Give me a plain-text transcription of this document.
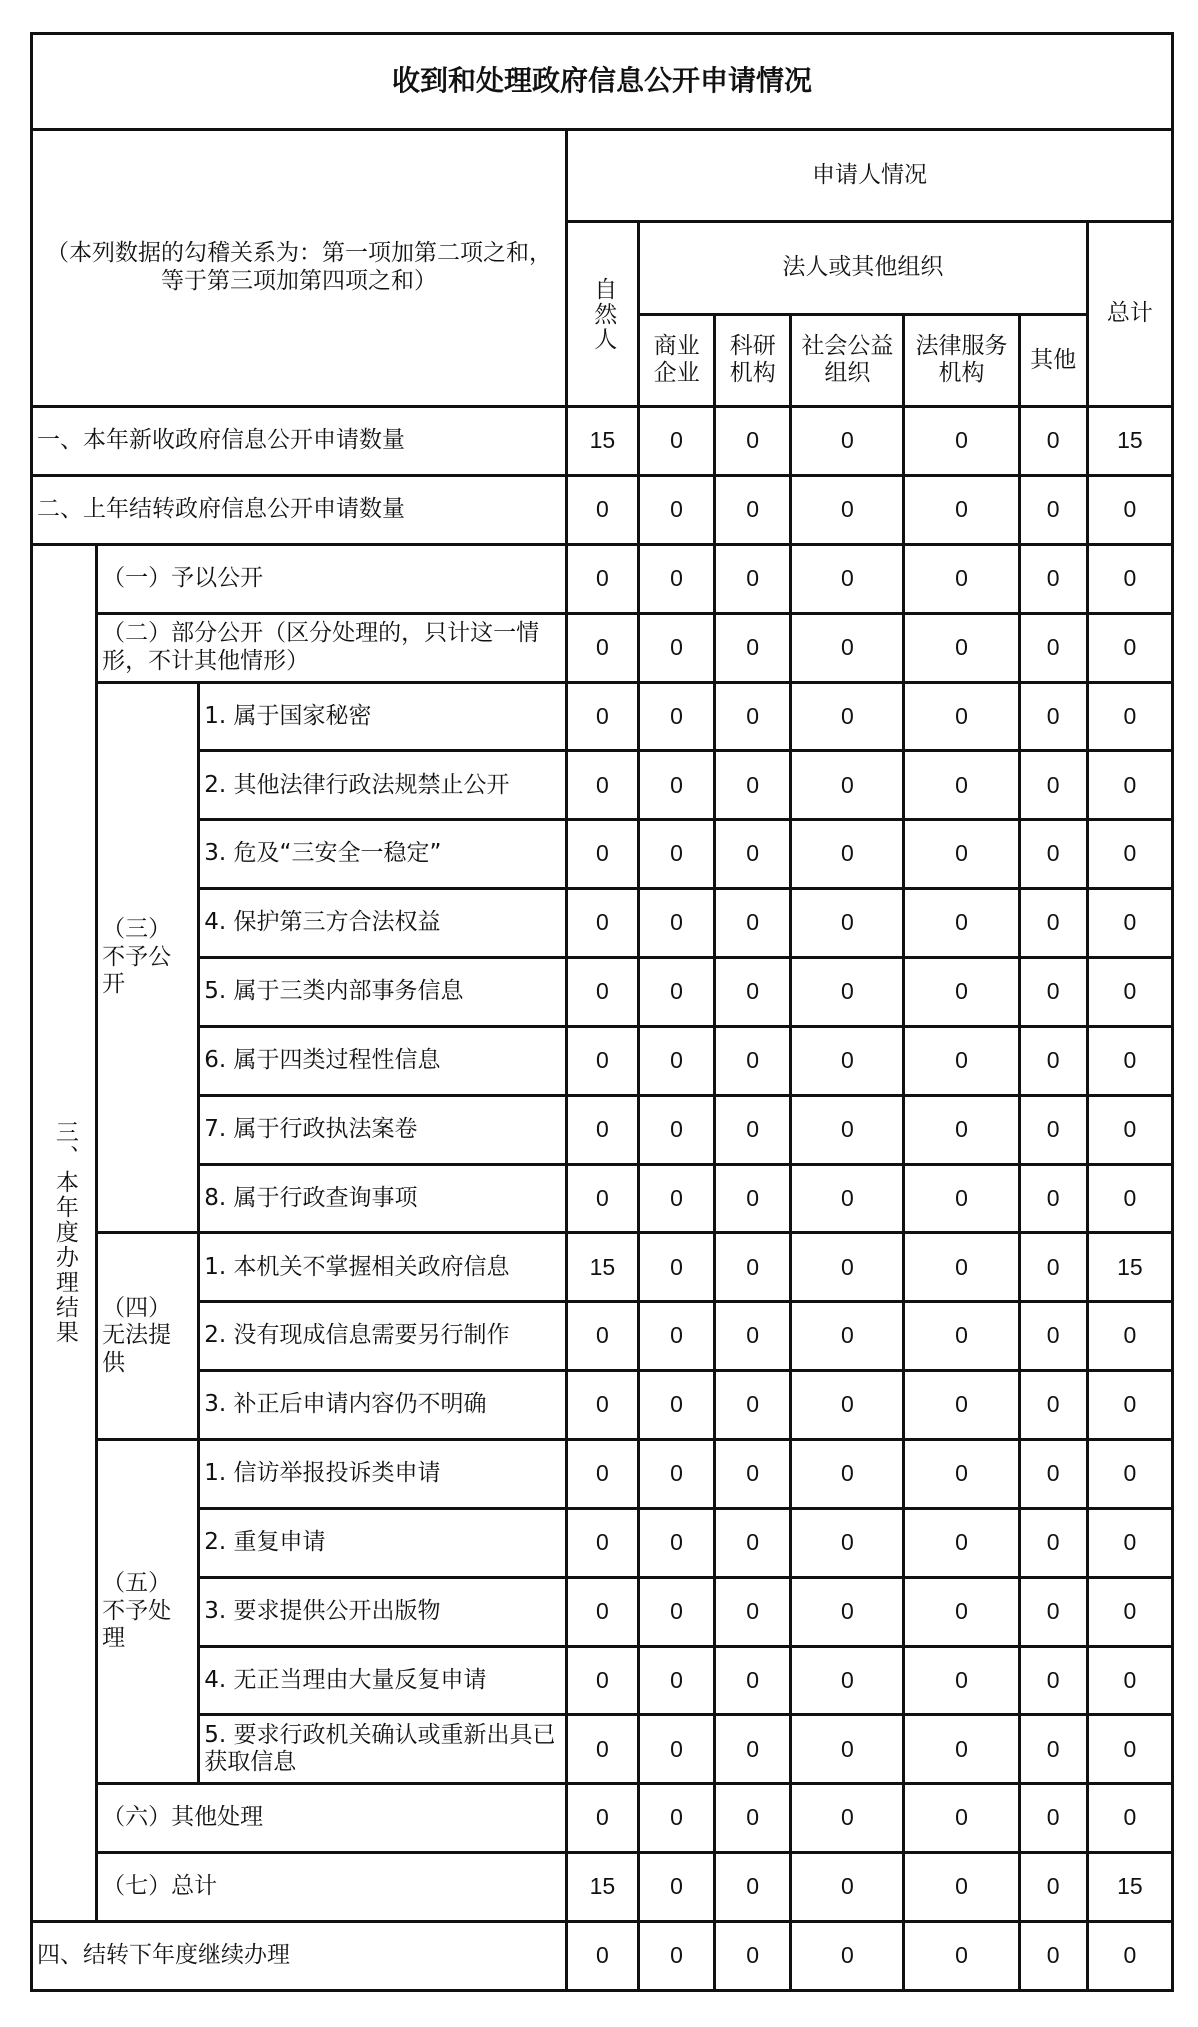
收到和处理政府信息公开申请情况									
（本列数据的勾稽关系为：第一项加第二项之和，等于第三项加第四项之和）			申请人情况						
			自然人	法人或其他组织					总计
				商业企业	科研机构	社会公益组织	法律服务机构	其他	
一、本年新收政府信息公开申请数量			15	0	0	0	0	0	15
二、上年结转政府信息公开申请数量			0	0	0	0	0	0	0
三、本年度办理结果	（一）予以公开		0	0	0	0	0	0	0
	（二）部分公开（区分处理的，只计这一情形，不计其他情形）		0	0	0	0	0	0	0
	（三）不予公开	1. 属于国家秘密	0	0	0	0	0	0	0
		2. 其他法律行政法规禁止公开	0	0	0	0	0	0	0
		3. 危及“三安全一稳定”	0	0	0	0	0	0	0
		4. 保护第三方合法权益	0	0	0	0	0	0	0
		5. 属于三类内部事务信息	0	0	0	0	0	0	0
		6. 属于四类过程性信息	0	0	0	0	0	0	0
		7. 属于行政执法案卷	0	0	0	0	0	0	0
		8. 属于行政查询事项	0	0	0	0	0	0	0
	（四）无法提供	1. 本机关不掌握相关政府信息	15	0	0	0	0	0	15
		2. 没有现成信息需要另行制作	0	0	0	0	0	0	0
		3. 补正后申请内容仍不明确	0	0	0	0	0	0	0
	（五）不予处理	1. 信访举报投诉类申请	0	0	0	0	0	0	0
		2. 重复申请	0	0	0	0	0	0	0
		3. 要求提供公开出版物	0	0	0	0	0	0	0
		4. 无正当理由大量反复申请	0	0	0	0	0	0	0
		5. 要求行政机关确认或重新出具已获取信息	0	0	0	0	0	0	0
	（六）其他处理		0	0	0	0	0	0	0
	（七）总计		15	0	0	0	0	0	15
四、结转下年度继续办理			0	0	0	0	0	0	0
